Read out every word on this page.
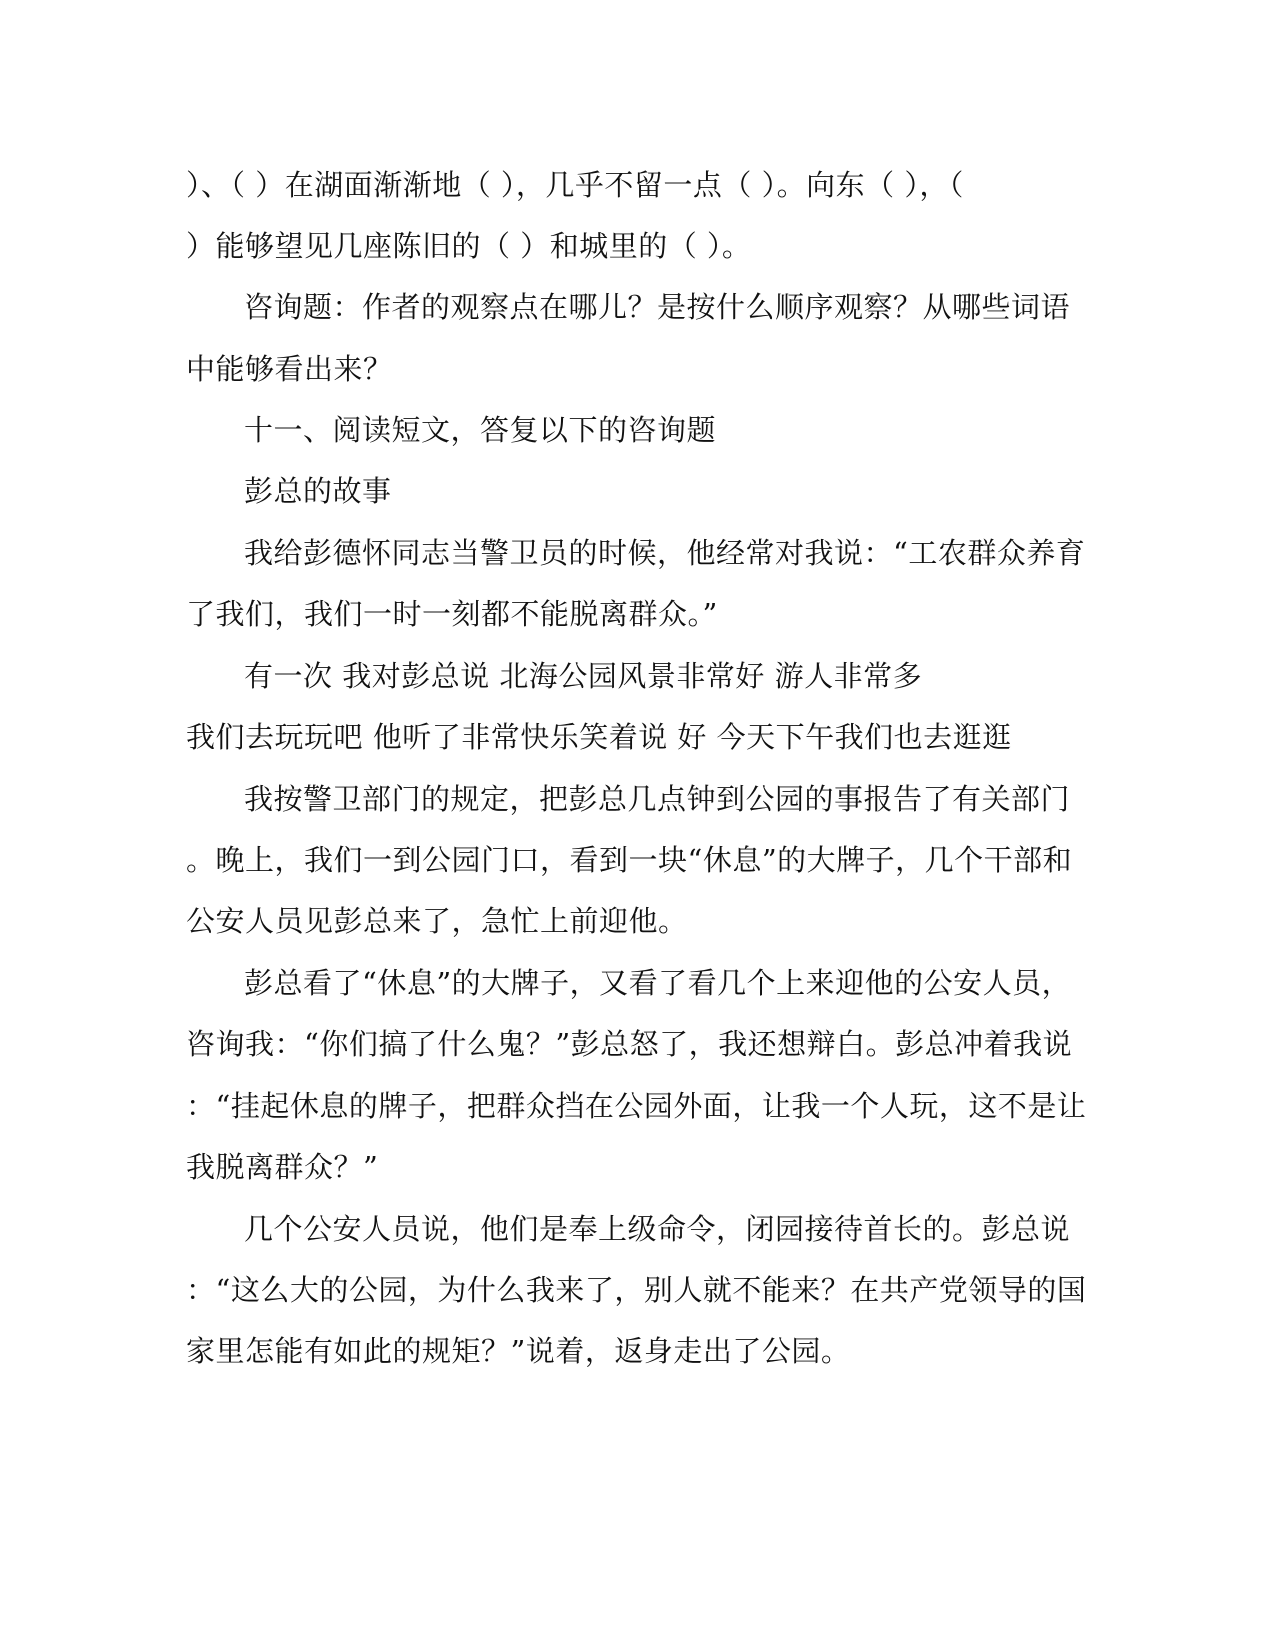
）、（ ）在湖面渐渐地（ ），几乎不留一点（ ）。向东（ ），（
）能够望见几座陈旧的（ ）和城里的（ ）。
咨询题：作者的观察点在哪儿？是按什么顺序观察？从哪些词语
中能够看出来？
十一、阅读短文，答复以下的咨询题
彭总的故事
我给彭德怀同志当警卫员的时候，他经常对我说：“工农群众养育
了我们，我们一时一刻都不能脱离群众。”
有一次 我对彭总说 北海公园风景非常好 游人非常多
我们去玩玩吧 他听了非常快乐笑着说 好 今天下午我们也去逛逛
我按警卫部门的规定，把彭总几点钟到公园的事报告了有关部门
。晚上，我们一到公园门口，看到一块“休息”的大牌子，几个干部和
公安人员见彭总来了，急忙上前迎他。
彭总看了“休息”的大牌子，又看了看几个上来迎他的公安人员，
咨询我：“你们搞了什么鬼？”彭总怒了，我还想辩白。彭总冲着我说
：“挂起休息的牌子，把群众挡在公园外面，让我一个人玩，这不是让
我脱离群众？”
几个公安人员说，他们是奉上级命令，闭园接待首长的。彭总说
：“这么大的公园，为什么我来了，别人就不能来？在共产党领导的国
家里怎能有如此的规矩？”说着，返身走出了公园。
